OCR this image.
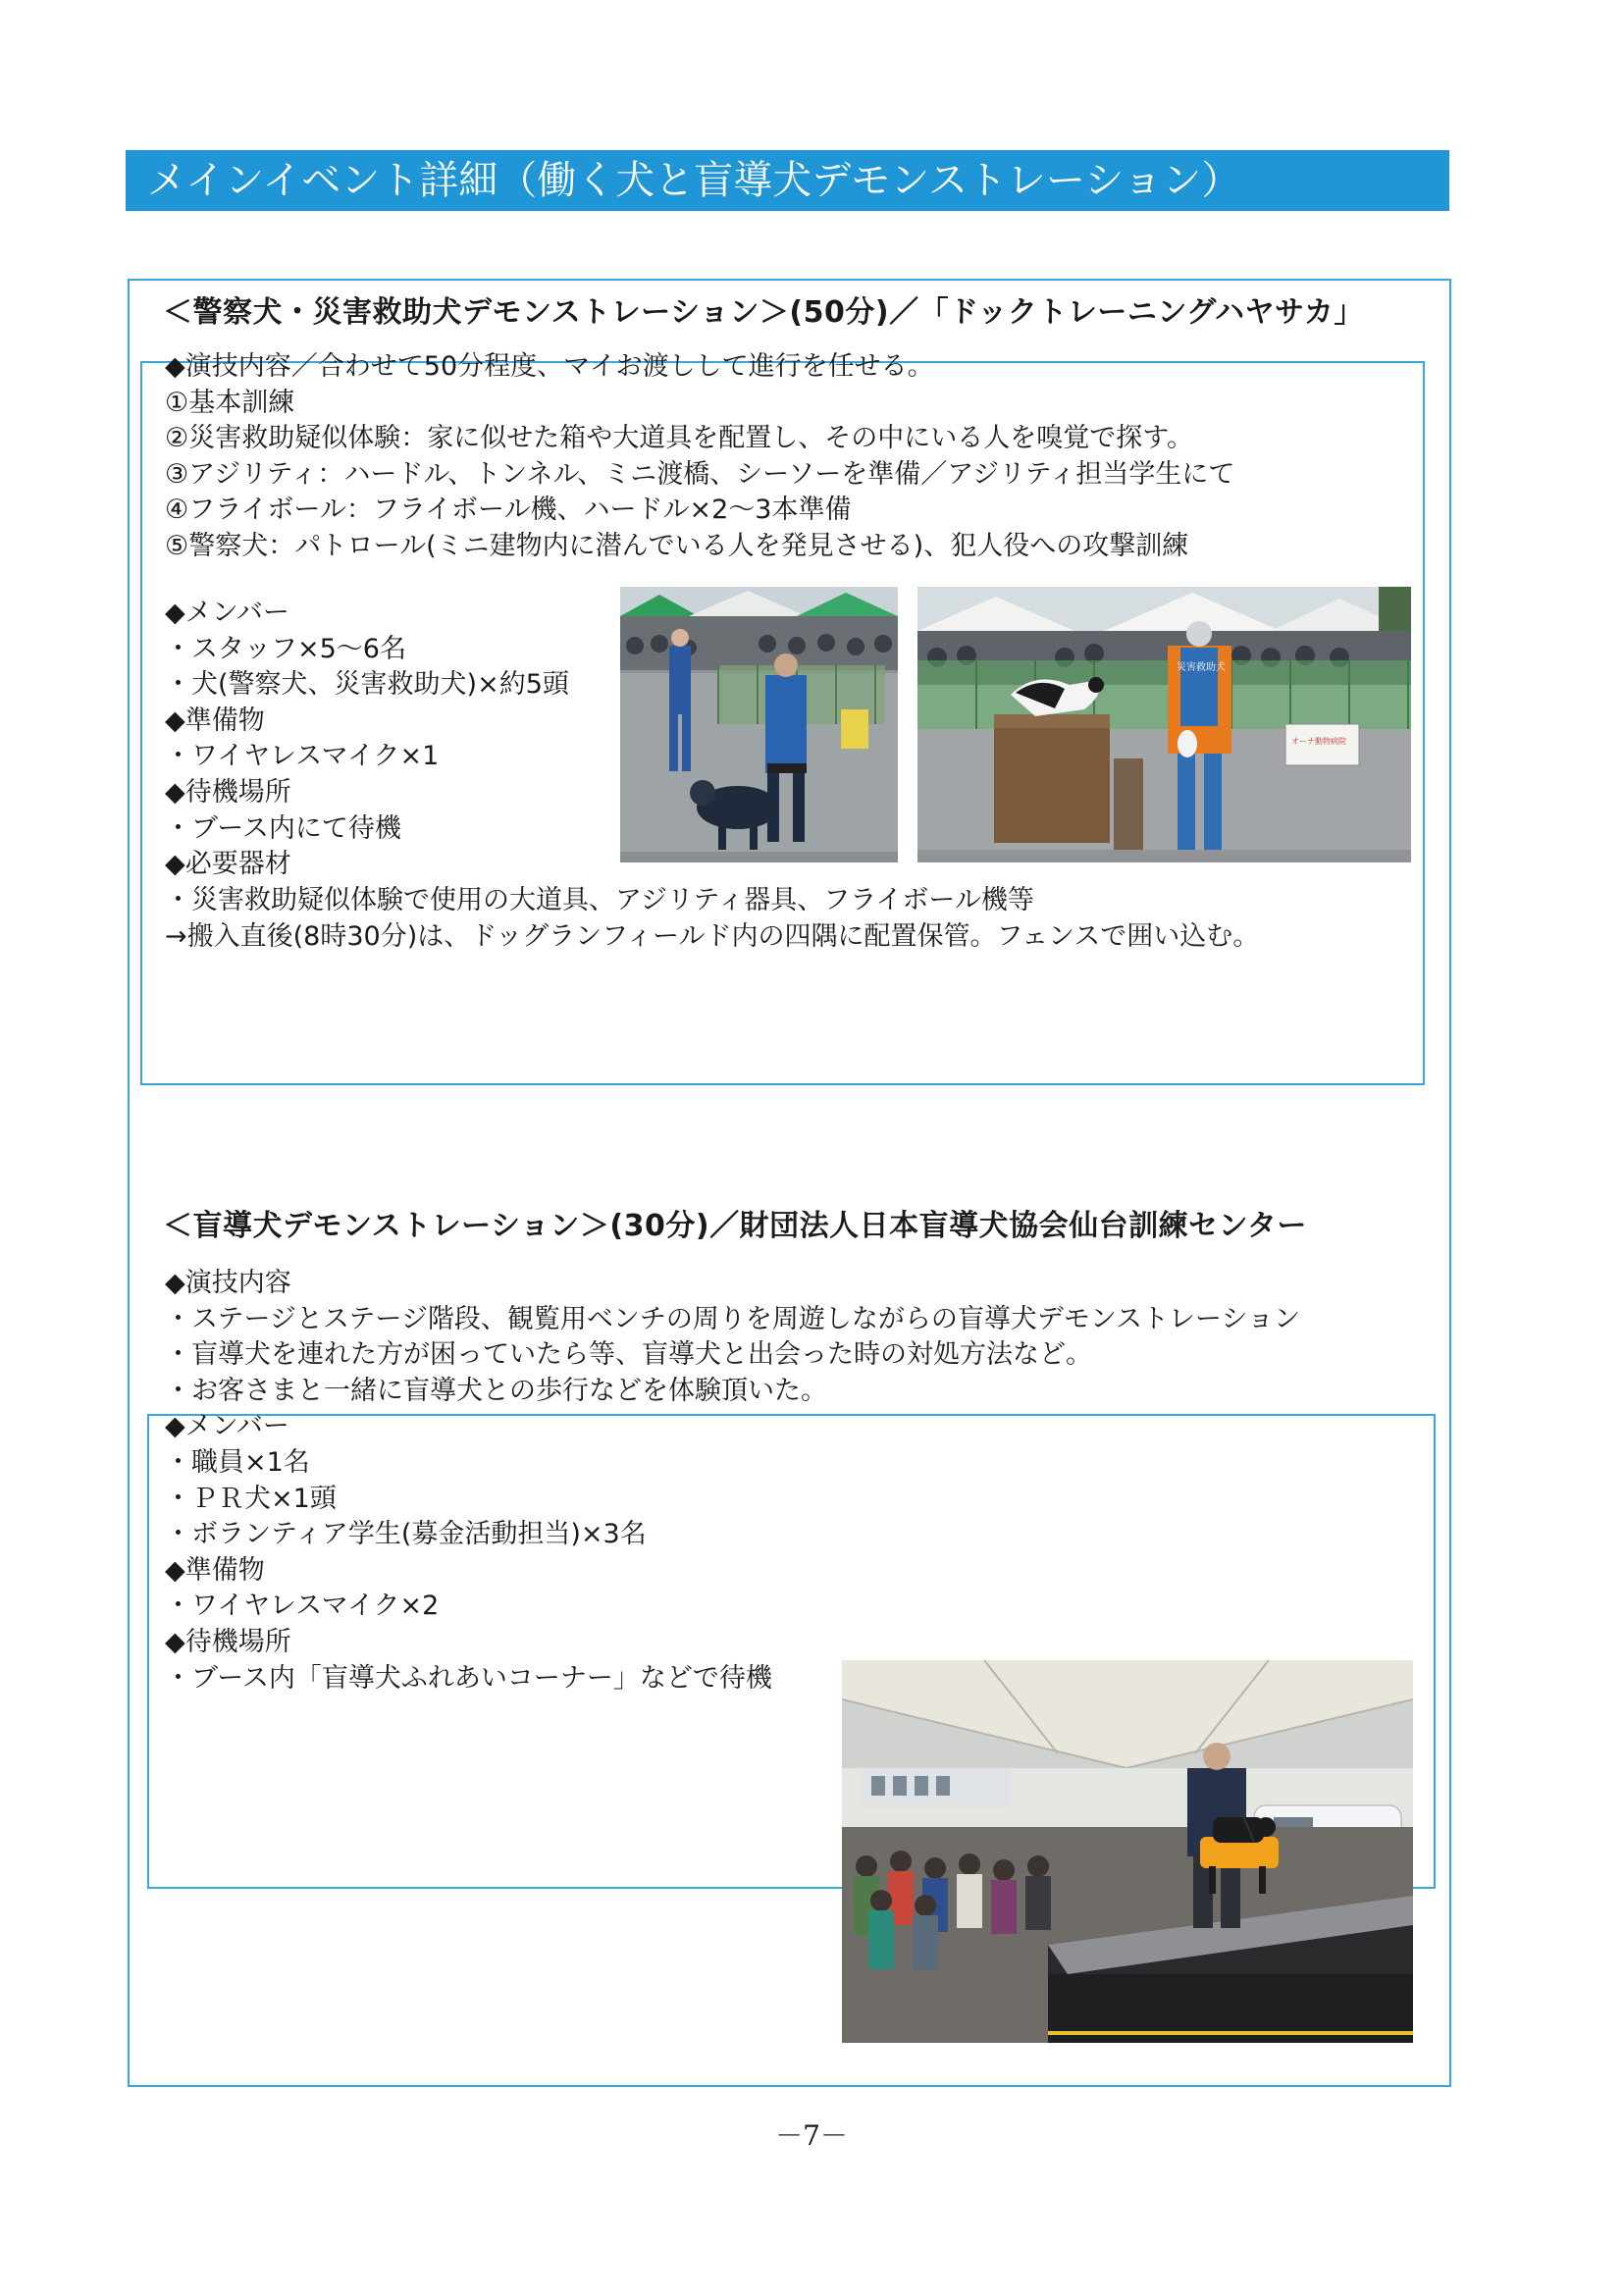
メインイベント詳細（働く犬と盲導犬デモンストレーション）
＜警察犬・災害救助犬デモンストレーション＞(50分)／「ドックトレーニングハヤサカ」
◆演技内容／合わせて50分程度、マイお渡しして進行を任せる。
①基本訓練
②災害救助疑似体験：家に似せた箱や大道具を配置し、その中にいる人を嗅覚で探す。
③アジリティ：ハードル、トンネル、ミニ渡橋、シーソーを準備／アジリティ担当学生にて
④フライボール：フライボール機、ハードル×2～3本準備
⑤警察犬：パトロール(ミニ建物内に潜んでいる人を発見させる)、犯人役への攻撃訓練
◆メンバー
・スタッフ×5～6名
・犬(警察犬、災害救助犬)×約5頭
◆準備物
・ワイヤレスマイク×1
◆待機場所
・ブース内にて待機
◆必要器材
・災害救助疑似体験で使用の大道具、アジリティ器具、フライボール機等
→搬入直後(8時30分)は、ドッグランフィールド内の四隅に配置保管。フェンスで囲い込む。
オーナ動物病院
災害救助犬
＜盲導犬デモンストレーション＞(30分)／財団法人日本盲導犬協会仙台訓練センター
◆演技内容
・ステージとステージ階段、観覧用ベンチの周りを周遊しながらの盲導犬デモンストレーション
・盲導犬を連れた方が困っていたら等、盲導犬と出会った時の対処方法など。
・お客さまと一緒に盲導犬との歩行などを体験頂いた。
◆メンバー
・職員×1名
・ＰＲ犬×1頭
・ボランティア学生(募金活動担当)×3名
◆準備物
・ワイヤレスマイク×2
◆待機場所
・ブース内「盲導犬ふれあいコーナー」などで待機
－7－
